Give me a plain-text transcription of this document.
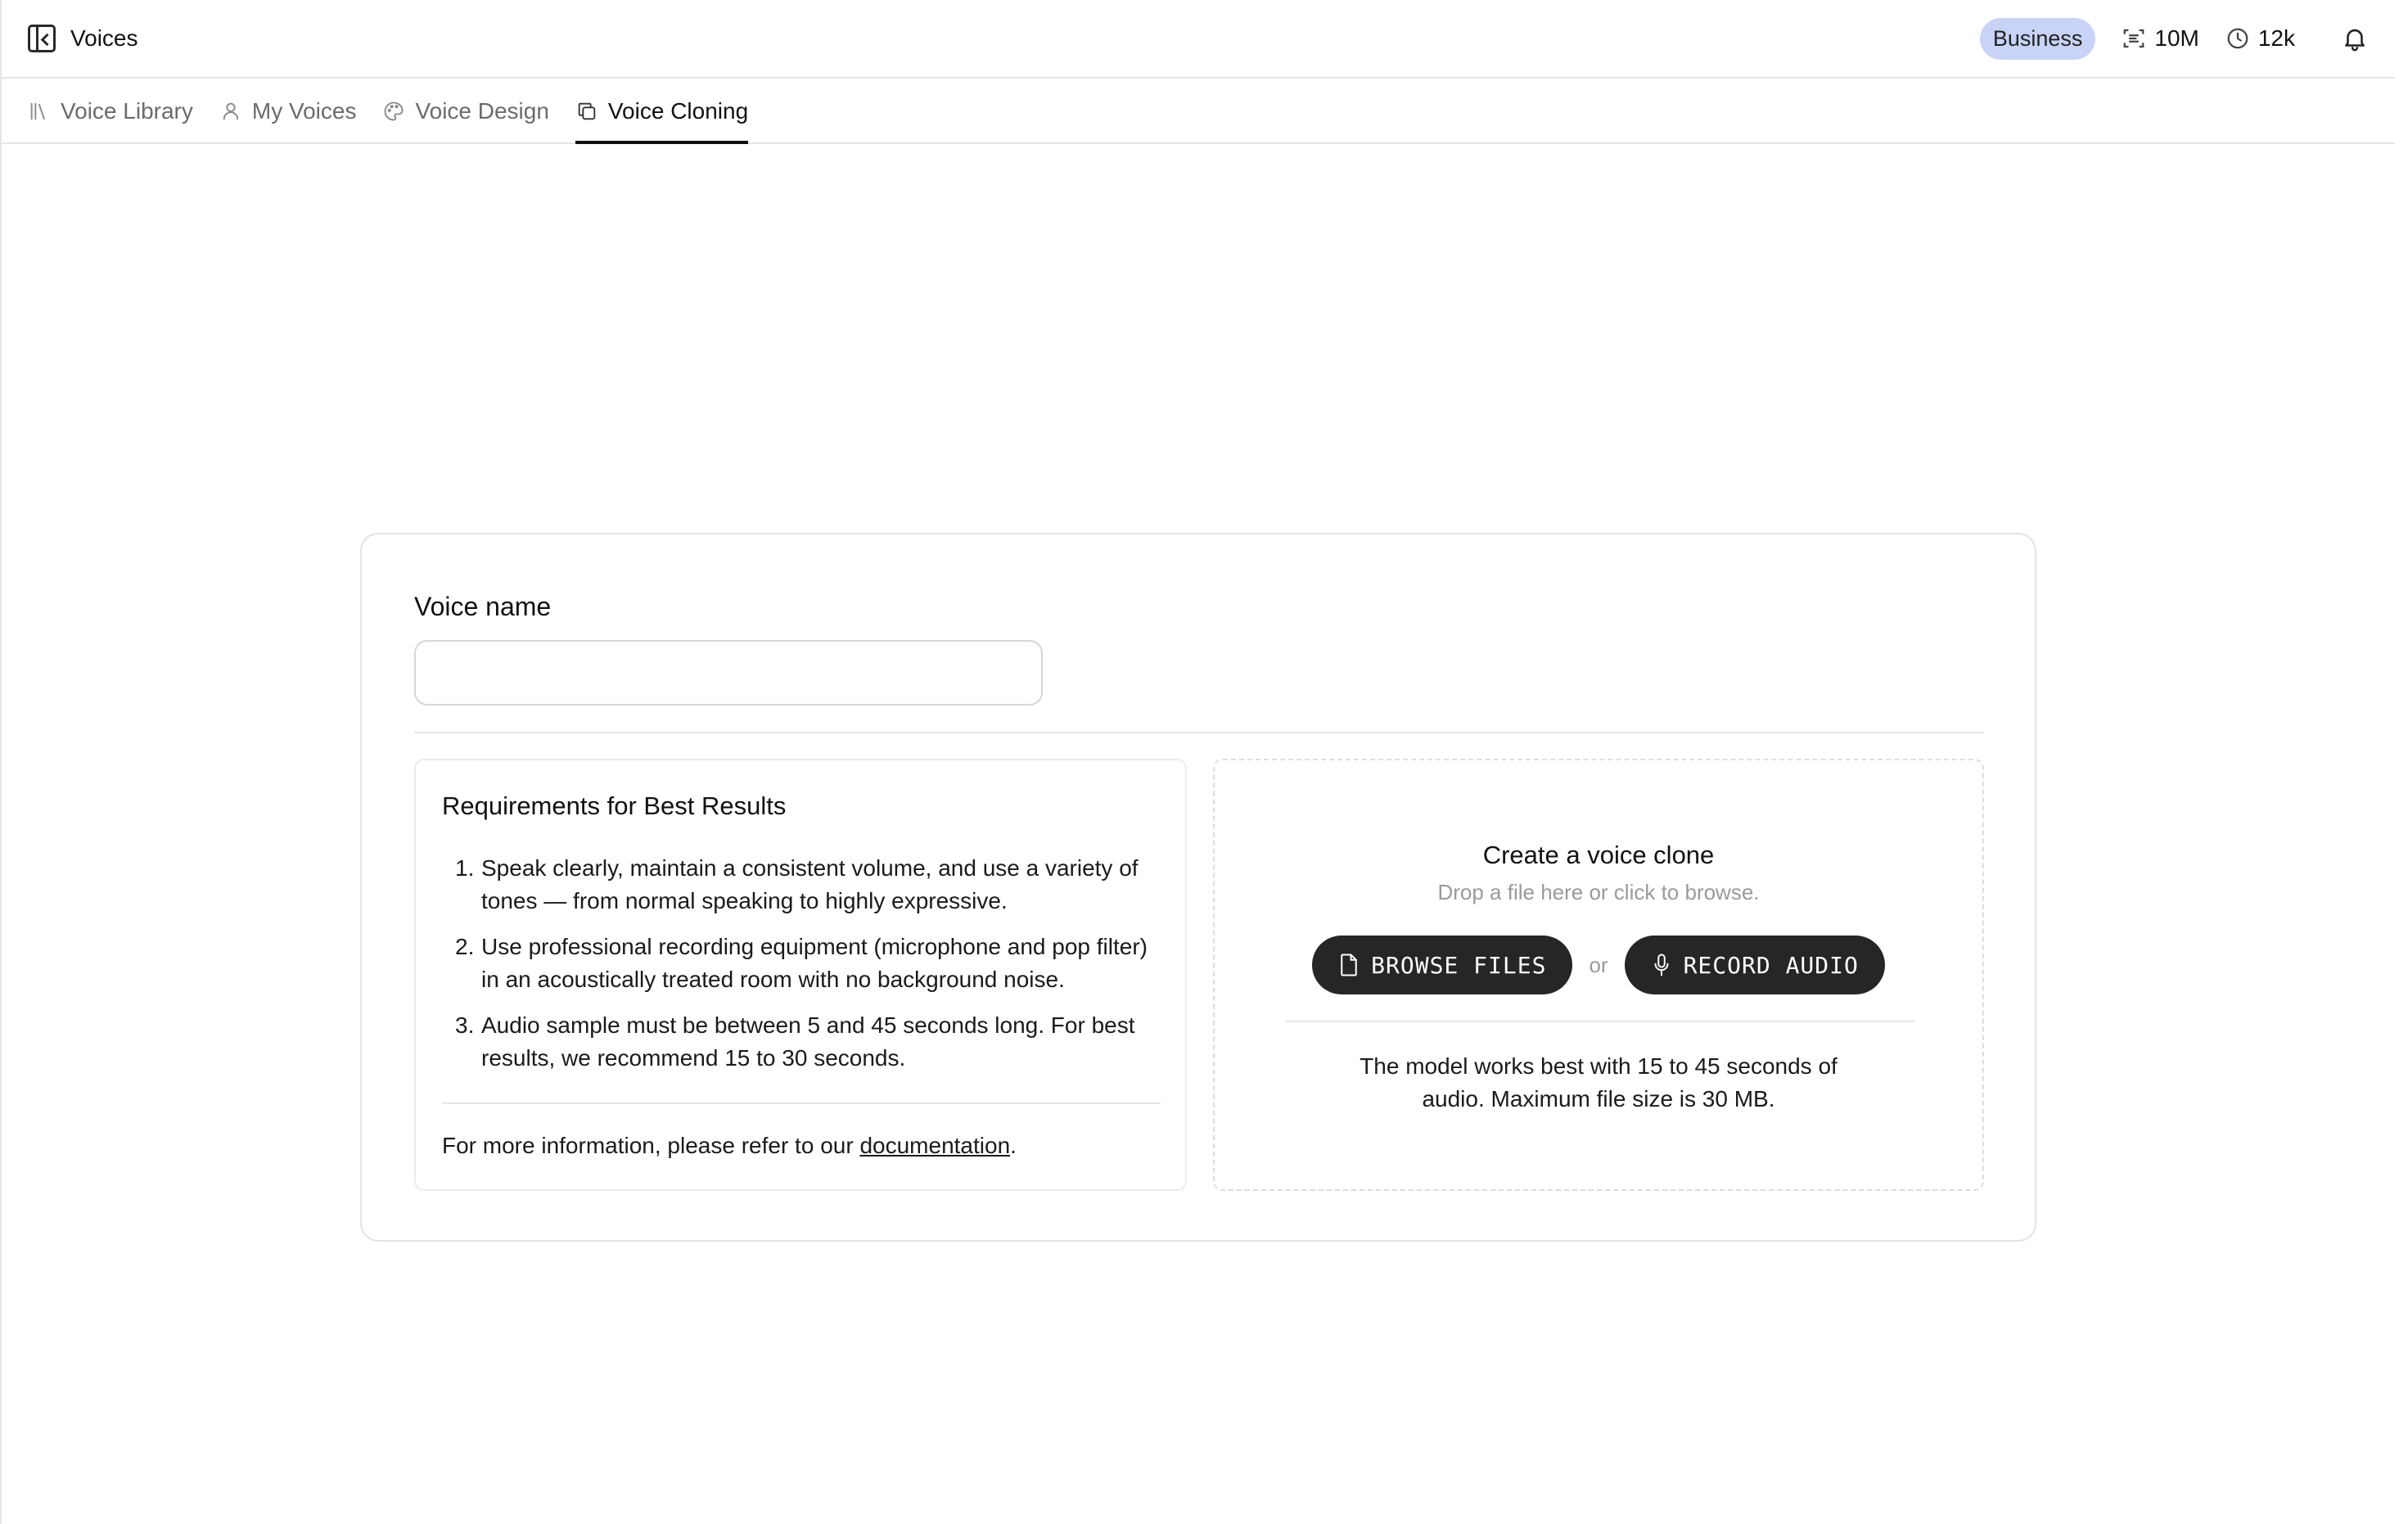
Voices	Business	10M	12k
Voice Library	My Voices	Voice Design	Voice Cloning
Voice name
Requirements for Best Results
Speak clearly, maintain a consistent volume, and use a variety of tones — from normal speaking to highly expressive.
Use professional recording equipment (microphone and pop filter) in an acoustically treated room with no background noise.
Audio sample must be between 5 and 45 seconds long. For best results, we recommend 15 to 30 seconds.
For more information, please refer to our documentation.
Create a voice clone
Drop a file here or click to browse.
BROWSE FILES or	RECORD AUDIO
The model works best with 15 to 45 seconds of audio. Maximum file size is 30 MB.
